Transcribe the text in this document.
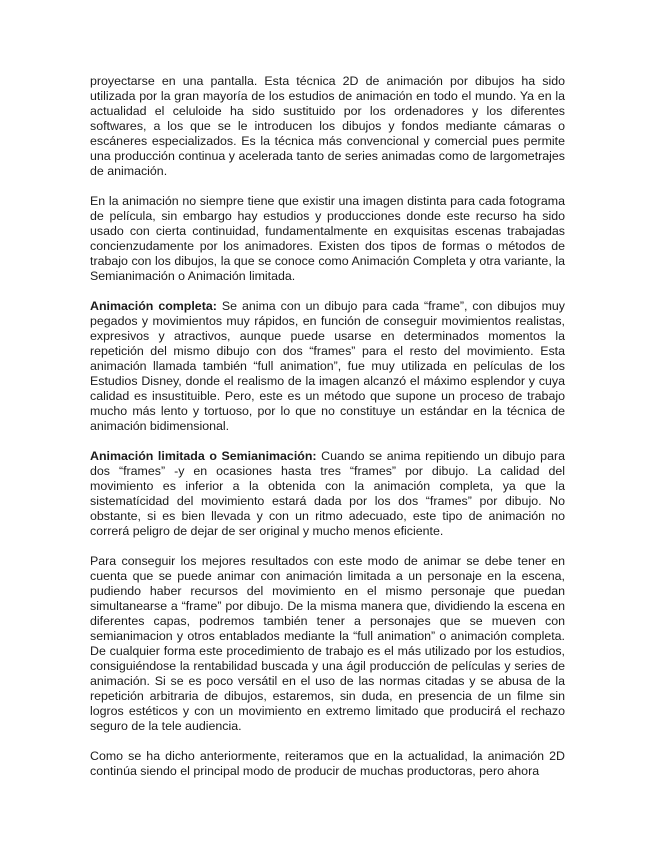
proyectarse en una pantalla. Esta técnica 2D de animación por dibujos ha sido utilizada por la gran mayoría de los estudios de animación en todo el mundo. Ya en la actualidad el celuloide ha sido sustituido por los ordenadores y los diferentes softwares, a los que se le introducen los dibujos y fondos mediante cámaras o escáneres especializados. Es la técnica más convencional y comercial pues permite una producción continua y acelerada tanto de series animadas como de largometrajes de animación.

En la animación no siempre tiene que existir una imagen distinta para cada fotograma de película, sin embargo hay estudios y producciones donde este recurso ha sido usado con cierta continuidad, fundamentalmente en exquisitas escenas trabajadas concienzudamente por los animadores. Existen dos tipos de formas o métodos de trabajo con los dibujos, la que se conoce como Animación Completa y otra variante, la Semianimación o Animación limitada.

Animación completa: Se anima con un dibujo para cada “frame”, con dibujos muy pegados y movimientos muy rápidos, en función de conseguir movimientos realistas, expresivos y atractivos, aunque puede usarse en determinados momentos la repetición del mismo dibujo con dos “frames” para el resto del movimiento. Esta animación llamada también “full animation”, fue muy utilizada en películas de los Estudios Disney, donde el realismo de la imagen alcanzó el máximo esplendor y cuya calidad es insustituible. Pero, este es un método que supone un proceso de trabajo mucho más lento y tortuoso, por lo que no constituye un estándar en la técnica de animación bidimensional.

Animación limitada o Semianimación: Cuando se anima repitiendo un dibujo para dos “frames” -y en ocasiones hasta tres “frames” por dibujo. La calidad del movimiento es inferior a la obtenida con la animación completa, ya que la sistematícidad del movimiento estará dada por los dos “frames” por dibujo. No obstante, si es bien llevada y con un ritmo adecuado, este tipo de animación no correrá peligro de dejar de ser original y mucho menos eficiente.

Para conseguir los mejores resultados con este modo de animar se debe tener en cuenta que se puede animar con animación limitada a un personaje en la escena, pudiendo haber recursos del movimiento en el mismo personaje que puedan simultanearse a “frame” por dibujo. De la misma manera que, dividiendo la escena en diferentes capas, podremos también tener a personajes que se mueven con semianimacion y otros entablados mediante la “full animation” o animación completa. De cualquier forma este procedimiento de trabajo es el más utilizado por los estudios, consiguiéndose la rentabilidad buscada y una ágil producción de películas y series de animación. Si se es poco versátil en el uso de las normas citadas y se abusa de la repetición arbitraria de dibujos, estaremos, sin duda, en presencia de un filme sin logros estéticos y con un movimiento en extremo limitado que producirá el rechazo seguro de la tele audiencia.

Como se ha dicho anteriormente, reiteramos que en la actualidad, la animación 2D continúa siendo el principal modo de producir de muchas productoras, pero ahora
